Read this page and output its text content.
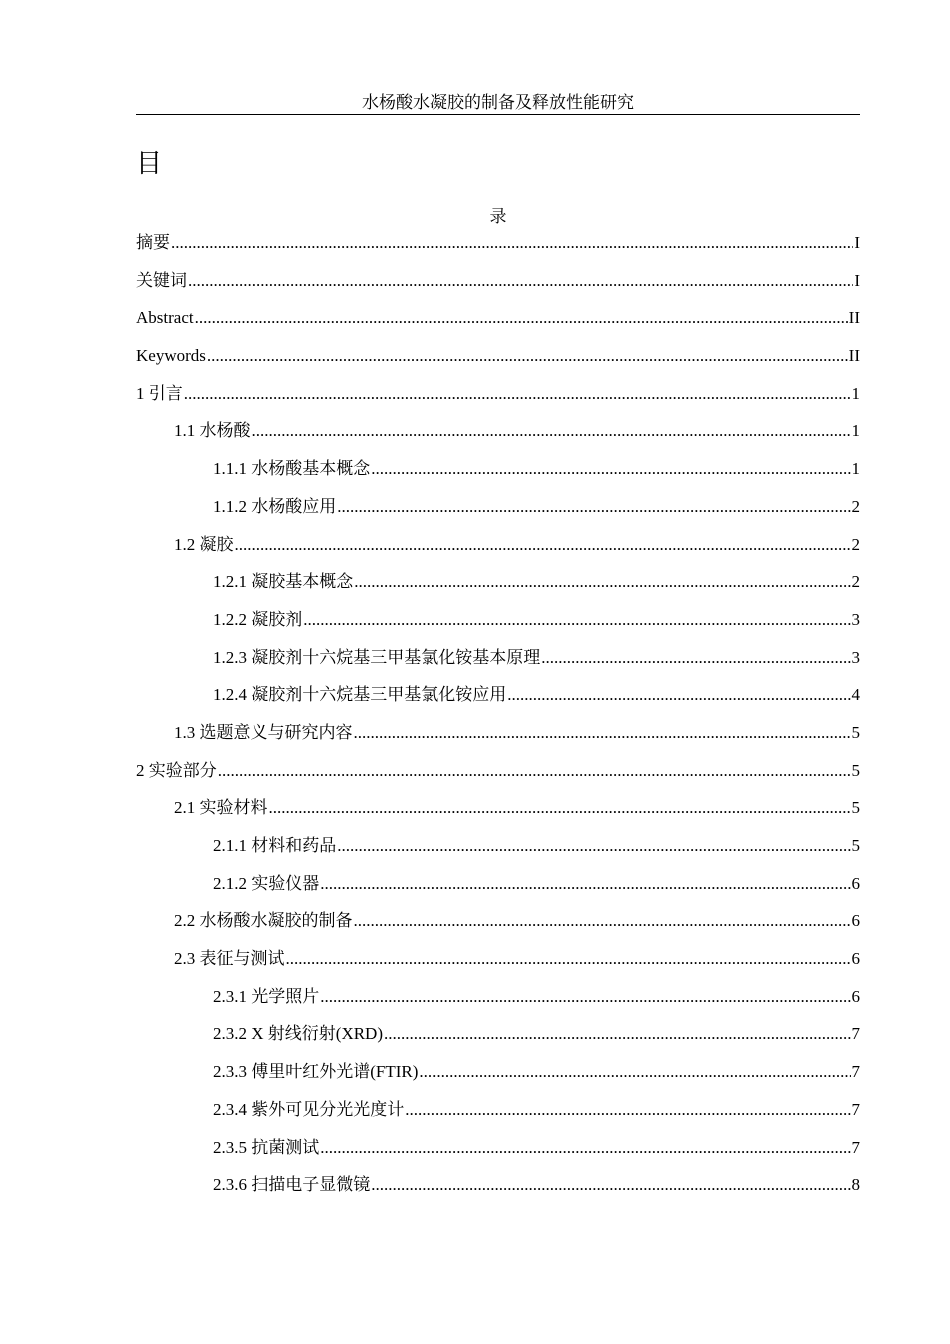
水杨酸水凝胶的制备及释放性能研究
目
录
摘要 .....	I
关键词 .....	I
Abstract .....	II
Keywords .....	II
1 引言 .....	1
1.1 水杨酸 .....	1
1.1.1 水杨酸基本概念 .....	1
1.1.2 水杨酸应用 .....	2
1.2 凝胶 .....	2
1.2.1 凝胶基本概念 .....	2
1.2.2 凝胶剂 .....	3
1.2.3 凝胶剂十六烷基三甲基氯化铵基本原理 .....	3
1.2.4 凝胶剂十六烷基三甲基氯化铵应用 .....	4
1.3 选题意义与研究内容 .....	5
2 实验部分 .....	5
2.1 实验材料 .....	5
2.1.1 材料和药品 .....	5
2.1.2 实验仪器 .....	6
2.2 水杨酸水凝胶的制备 .....	6
2.3 表征与测试 .....	6
2.3.1 光学照片 .....	6
2.3.2 X 射线衍射(XRD) .....	7
2.3.3 傅里叶红外光谱(FTIR) .....	7
2.3.4 紫外可见分光光度计 .....	7
2.3.5 抗菌测试 .....	7
2.3.6 扫描电子显微镜 .....	8
